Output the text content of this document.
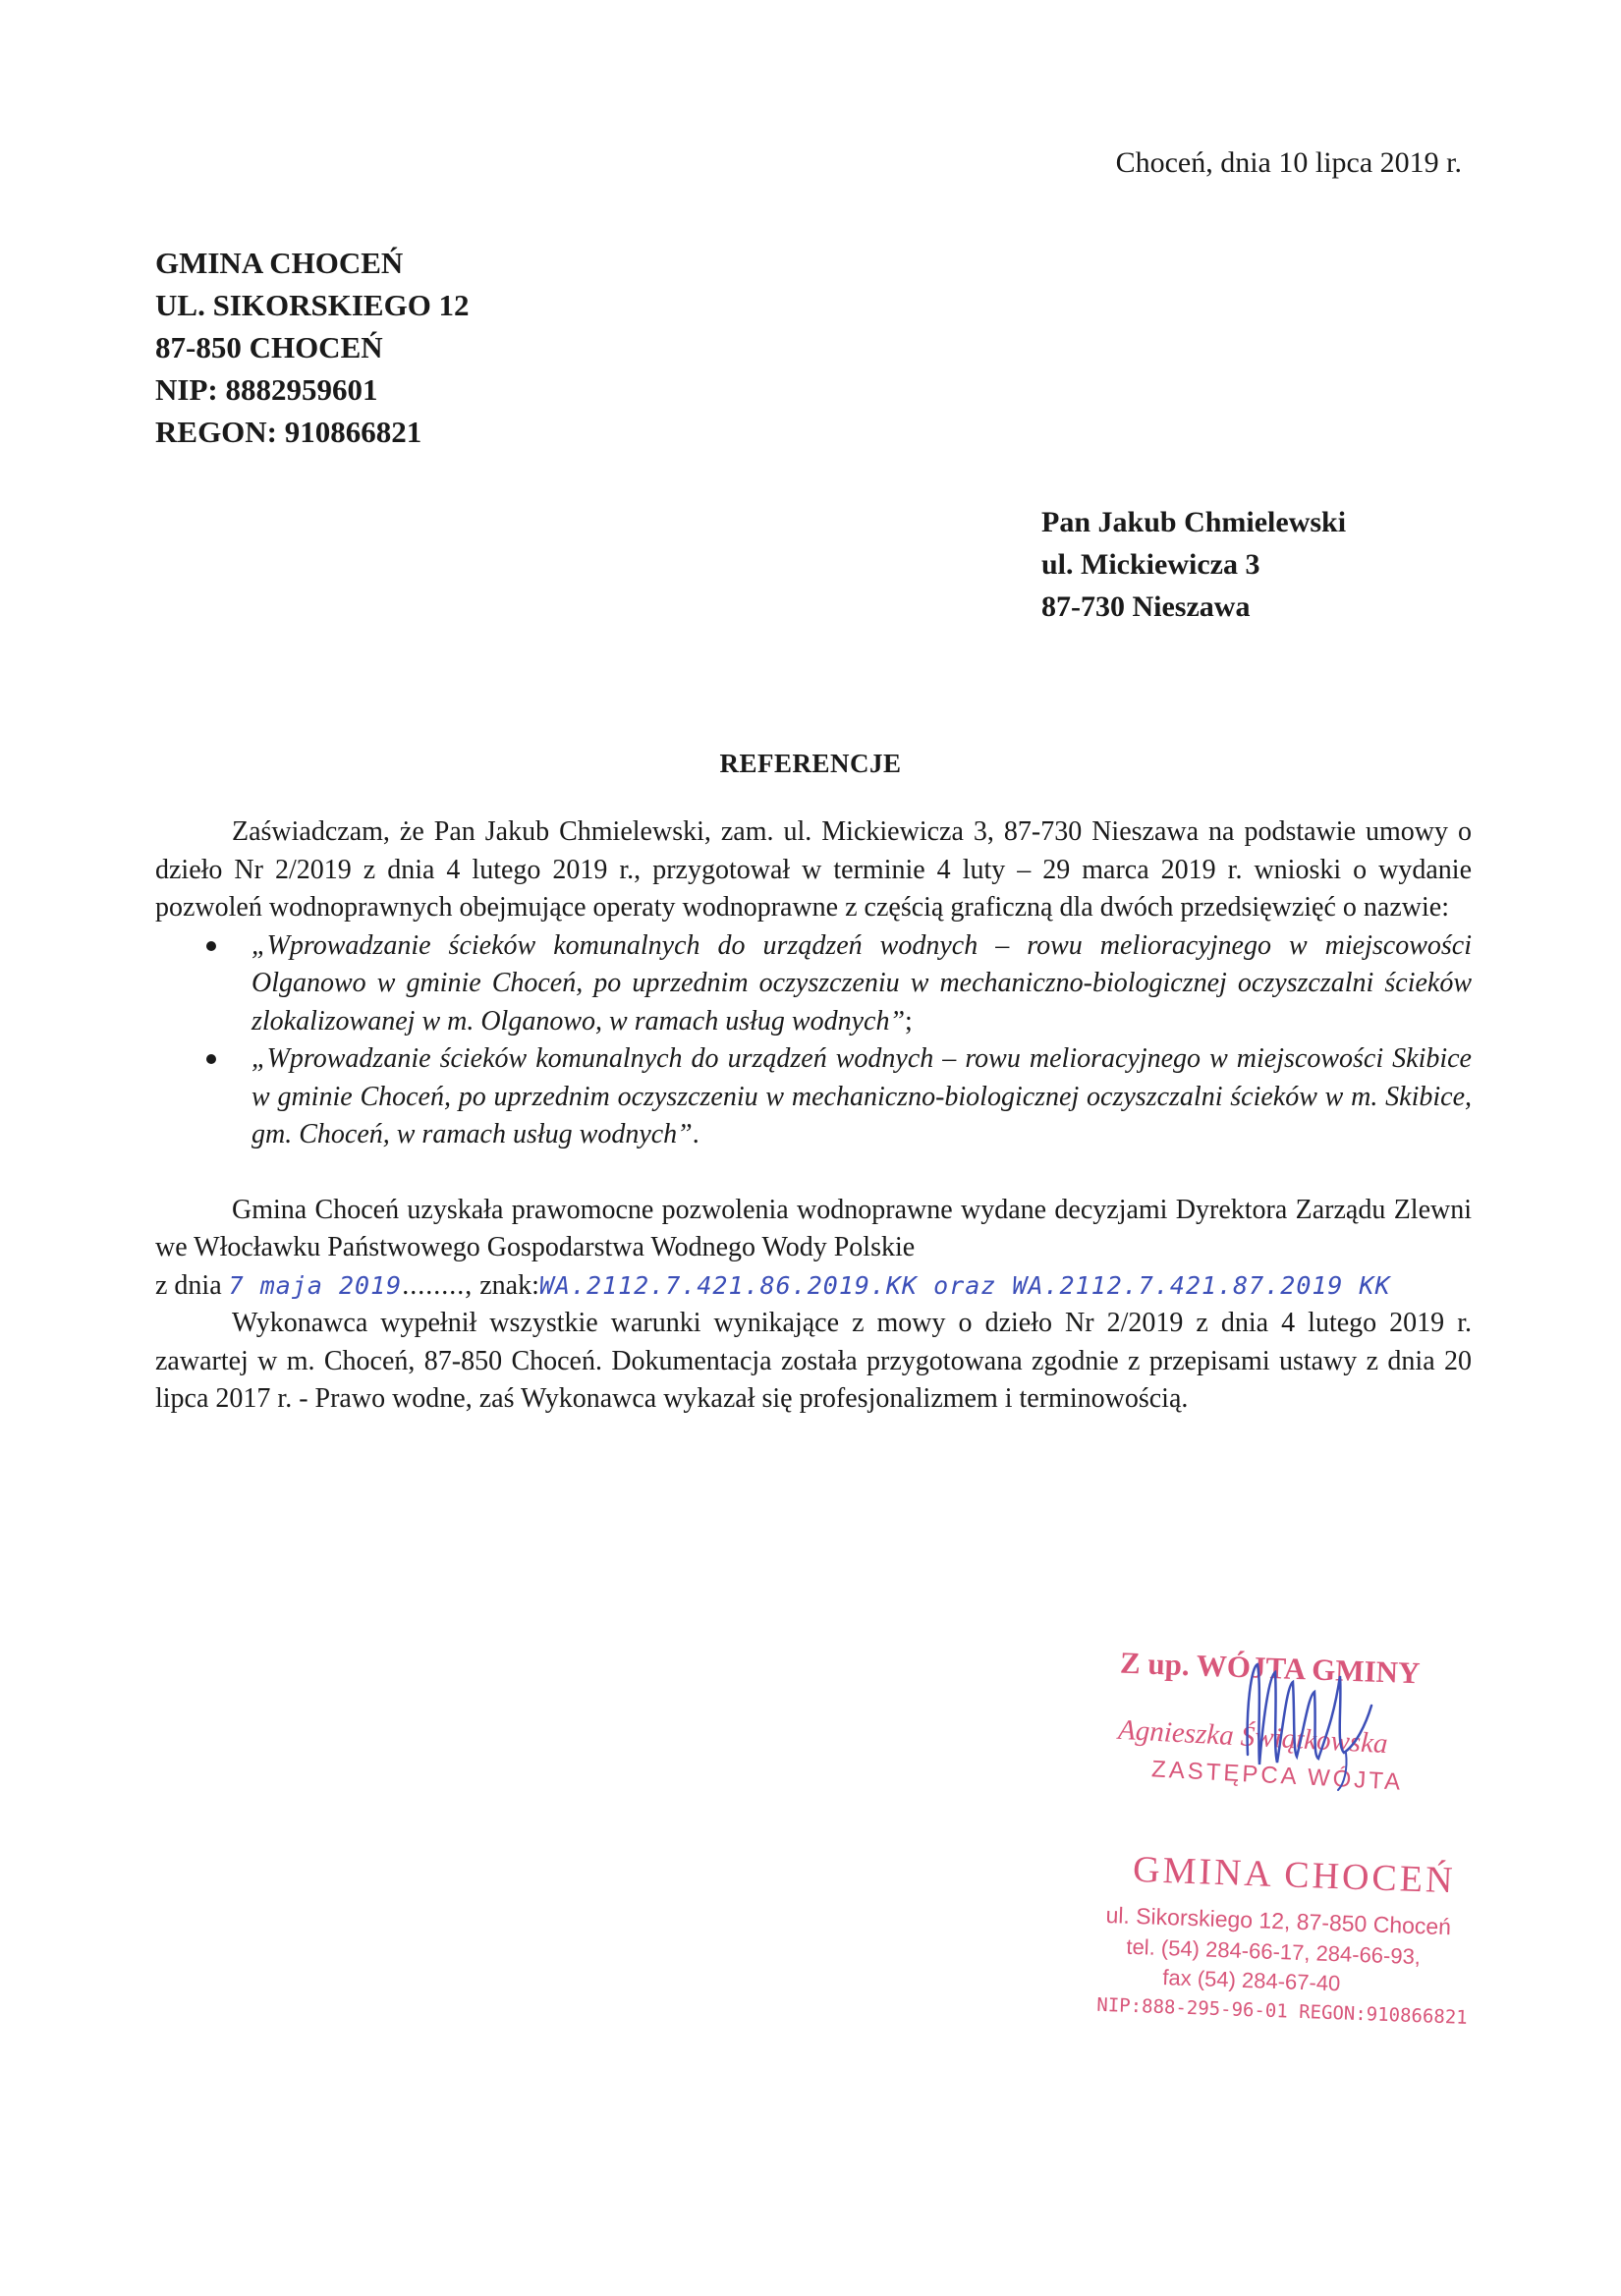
Choceń, dnia 10 lipca 2019 r.
GMINA CHOCEŃ
UL. SIKORSKIEGO 12
87-850 CHOCEŃ
NIP: 8882959601
REGON: 910866821
Pan Jakub Chmielewski
ul. Mickiewicza 3
87-730 Nieszawa
REFERENCJE

Zaświadczam, że Pan Jakub Chmielewski, zam. ul. Mickiewicza 3, 87-730 Nieszawa na podstawie umowy o dzieło Nr 2/2019 z dnia 4 lutego 2019 r., przygotował w terminie 4 luty – 29 marca 2019 r. wnioski o wydanie pozwoleń wodnoprawnych obejmujące operaty wodnoprawne z częścią graficzną dla dwóch przedsięwzięć o nazwie:

„Wprowadzanie ścieków komunalnych do urządzeń wodnych – rowu melioracyjnego w miejscowości Olganowo w gminie Choceń, po uprzednim oczyszczeniu w mechaniczno-biologicznej oczyszczalni ścieków zlokalizowanej w m. Olganowo, w ramach usług wodnych”;
„Wprowadzanie ścieków komunalnych do urządzeń wodnych – rowu melioracyjnego w miejscowości Skibice w gminie Choceń, po uprzednim oczyszczeniu w mechaniczno-biologicznej oczyszczalni ścieków w m. Skibice, gm. Choceń, w ramach usług wodnych”.

Gmina Choceń uzyskała prawomocne pozwolenia wodnoprawne wydane decyzjami Dyrektora Zarządu Zlewni we Włocławku Państwowego Gospodarstwa Wodnego Wody Polskie

z dnia 7 maja 2019........, znak:WA.2112.7.421.86.2019.KK oraz WA.2112.7.421.87.2019 KK

Wykonawca wypełnił wszystkie warunki wynikające z mowy o dzieło Nr 2/2019 z dnia 4 lutego 2019 r. zawartej w m. Choceń, 87-850 Choceń. Dokumentacja została przygotowana zgodnie z przepisami ustawy z dnia 20 lipca 2017 r. - Prawo wodne, zaś Wykonawca wykazał się profesjonalizmem i terminowością.

Z up. WÓJTA GMINY
Agnieszka Świątkowska
ZASTĘPCA WÓJTA
GMINA CHOCEŃ
ul. Sikorskiego 12, 87-850 Choceń
tel. (54) 284-66-17, 284-66-93,
fax (54) 284-67-40
NIP:888-295-96-01 REGON:910866821
